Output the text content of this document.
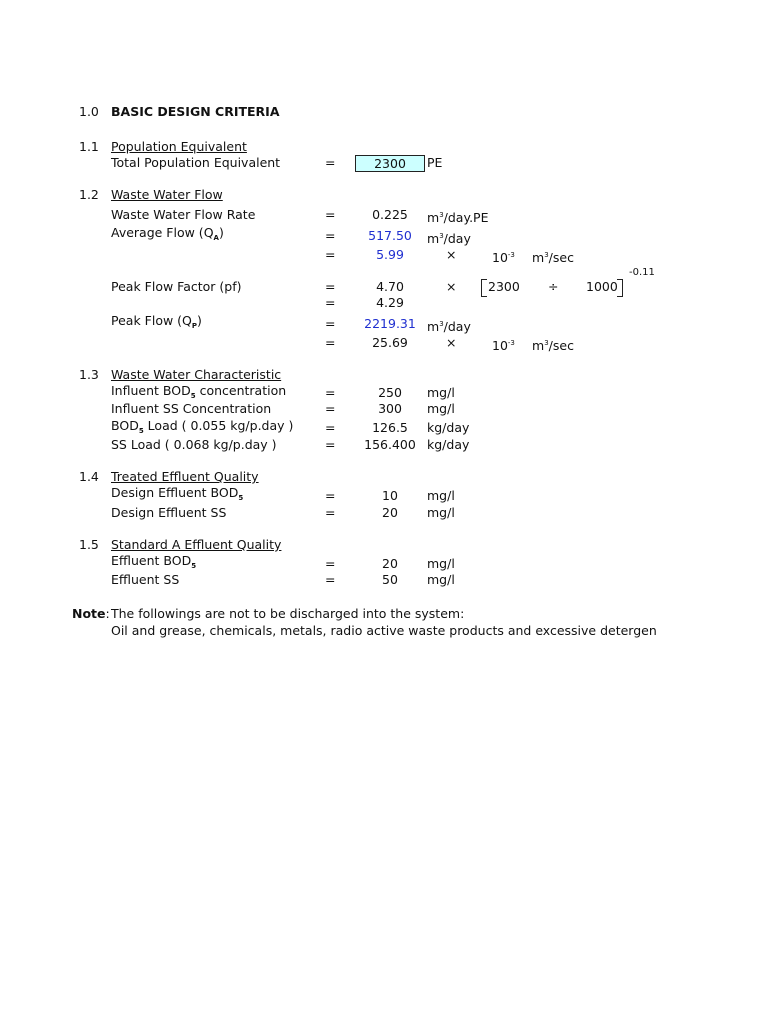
1.0 BASIC DESIGN CRITERIA
1.1 Population Equivalent
Total Population Equivalent	=	2300	PE
1.2 Waste Water Flow
Waste Water Flow Rate	=	0.225	$m^3/day.PE$
Average Flow $(Q_A)$	=	517.50	$m^3$/day
=	5.99	×	$10^{-3}$ $m^3/\sec$
-0.11
Peak Flow Factor (pf)	=	4.70	×	2300 ÷ 1000
=	4.29
Peak Flow $(Q_P)$	=	2219.31 $m^3$/day
=	25.69	×	$10^{-3}$ $m^3/\sec$
1.3 Waste Water Characteristic
Influent $BOD_5$ concentration	=	250	mg/l
Influent SS Concentration	=	300	mg/l
$BOD_5$ Load ( 0.055 kg/p.day )	=	126.5	kg/day
SS Load ( 0.068 kg/p.day )	=	156.400 kg/day
1.4 Treated Effluent Quality
Design Effluent $BOD_5$	=	10	mg/l
Design Effluent SS	=	20	mg/l
1.5 Standard A Effluent Quality
Effluent $BOD_5$	=	20	mg/l
Effluent SS	=	50	mg/l
Note: The followings are not to be discharged into the system:
Oil and grease, chemicals, metals, radio active waste products and excessive detergen
